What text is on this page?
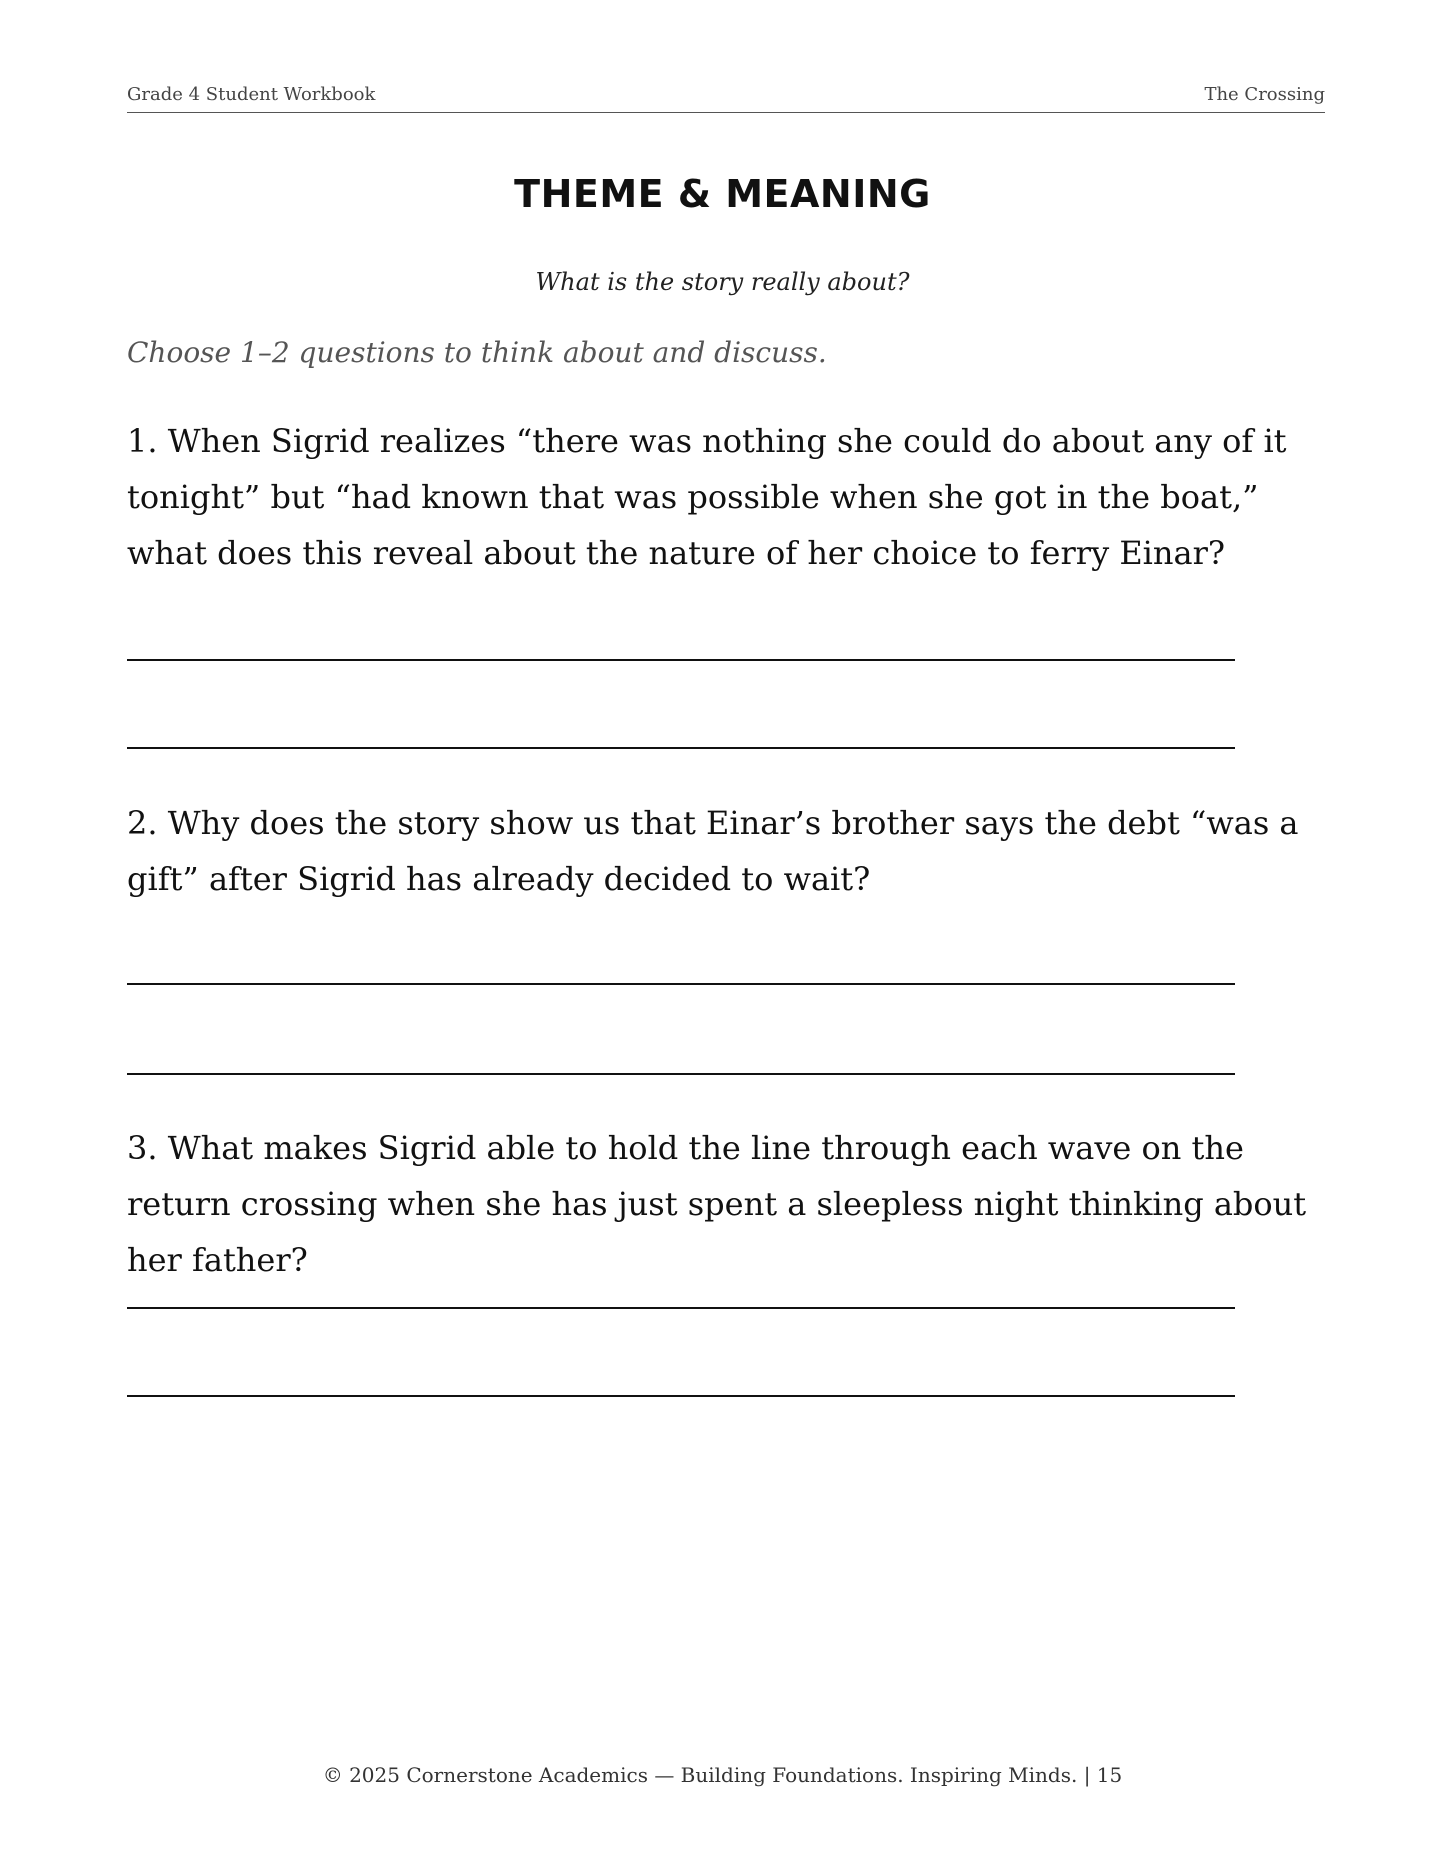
Grade 4 Student Workbook	The Crossing
THEME & MEANING
What is the story really about?
Choose 1–2 questions to think about and discuss.
1. When Sigrid realizes “there was nothing she could do about any of it tonight” but “had known that was possible when she got in the boat,” what does this reveal about the nature of her choice to ferry Einar?
2. Why does the story show us that Einar’s brother says the debt “was a gift” after Sigrid has already decided to wait?
3. What makes Sigrid able to hold the line through each wave on the return crossing when she has just spent a sleepless night thinking about her father?
© 2025 Cornerstone Academics — Building Foundations. Inspiring Minds. | 15
